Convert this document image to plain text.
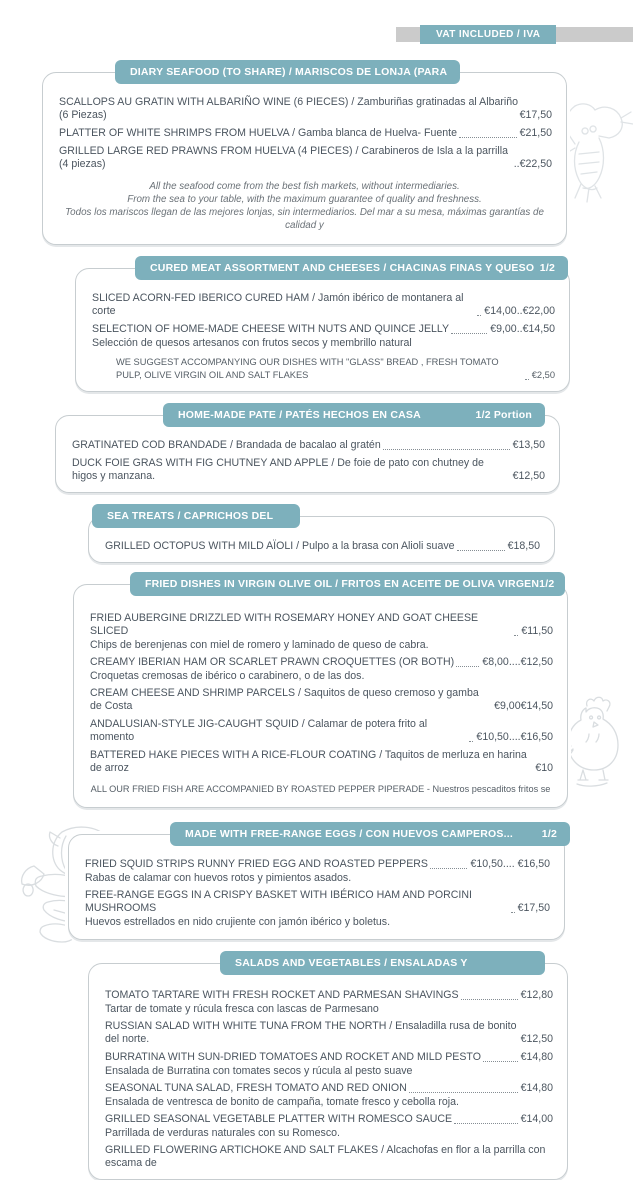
VAT INCLUDED / IVA
DIARY SEAFOOD (TO SHARE) / MARISCOS DE LONJA (PARA
SCALLOPS AU GRATIN WITH ALBARIÑO WINE (6 PIECES) / Zamburiñas gratinadas al Albariño (6 Piezas)	€17,50
PLATTER OF WHITE SHRIMPS FROM HUELVA / Gamba blanca de Huelva- Fuente	€21,50
GRILLED LARGE RED PRAWNS FROM HUELVA (4 PIECES) / Carabineros de Isla a la parrilla (4 piezas)	..€22,50
All the seafood come from the best fish markets, without intermediaries.
From the sea to your table, with the maximum guarantee of quality and freshness.
Todos los mariscos llegan de las mejores lonjas, sin intermediarios. Del mar a su mesa, máximas garantías de calidad y
CURED MEAT ASSORTMENT AND CHEESES / CHACINAS FINAS Y QUESO 1/2
SLICED ACORN-FED IBERICO CURED HAM / Jamón ibérico de montanera al corte	€14,00..€22,00
SELECTION OF HOME-MADE CHEESE WITH NUTS AND QUINCE JELLY	€9,00..€14,50
Selección de quesos artesanos con frutos secos y membrillo natural
WE SUGGEST ACCOMPANYING OUR DISHES WITH "GLASS" BREAD , FRESH TOMATO PULP, OLIVE VIRGIN OIL AND SALT FLAKES	€2,50
HOME-MADE PATE / PATÉS HECHOS EN CASA	1/2 Portion
GRATINATED COD BRANDADE / Brandada de bacalao al gratén	€13,50
DUCK FOIE GRAS WITH FIG CHUTNEY AND APPLE / De foie de pato con chutney de higos y manzana.	€12,50
SEA TREATS / CAPRICHOS DEL
GRILLED OCTOPUS WITH MILD AÏOLI / Pulpo a la brasa con Alioli suave	€18,50
FRIED DISHES IN VIRGIN OLIVE OIL / FRITOS EN ACEITE DE OLIVA VIRGEN 1/2
FRIED AUBERGINE DRIZZLED WITH ROSEMARY HONEY AND GOAT CHEESE SLICED	€11,50
Chips de berenjenas con miel de romero y laminado de queso de cabra.
CREAMY IBERIAN HAM OR SCARLET PRAWN CROQUETTES (OR BOTH)	€8,00....€12,50
Croquetas cremosas de ibérico o carabinero, o de las dos.
CREAM CHEESE AND SHRIMP PARCELS / Saquitos de queso cremoso y gamba de Costa	€9,00€14,50
ANDALUSIAN-STYLE JIG-CAUGHT SQUID / Calamar de potera frito al momento	€10,50....€16,50
BATTERED HAKE PIECES WITH A RICE-FLOUR COATING / Taquitos de merluza en harina de arroz	€10
ALL OUR FRIED FISH ARE ACCOMPANIED BY ROASTED PEPPER PIPERADE - Nuestros pescaditos fritos se
MADE WITH FREE-RANGE EGGS / CON HUEVOS CAMPEROS...	1/2
FRIED SQUID STRIPS RUNNY FRIED EGG AND ROASTED PEPPERS	€10,50.... €16,50
Rabas de calamar con huevos rotos y pimientos asados.
FREE-RANGE EGGS IN A CRISPY BASKET WITH IBÉRICO HAM AND PORCINI MUSHROOMS	€17,50
Huevos estrellados en nido crujiente con jamón ibérico y boletus.
SALADS AND VEGETABLES / ENSALADAS Y
TOMATO TARTARE WITH FRESH ROCKET AND PARMESAN SHAVINGS	€12,80
Tartar de tomate y rúcula fresca con lascas de Parmesano
RUSSIAN SALAD WITH WHITE TUNA FROM THE NORTH / Ensaladilla rusa de bonito del norte.	€12,50
BURRATINA WITH SUN-DRIED TOMATOES AND ROCKET AND MILD PESTO	€14,80
Ensalada de Burratina con tomates secos y rúcula al pesto suave
SEASONAL TUNA SALAD, FRESH TOMATO AND RED ONION	€14,80
Ensalada de ventresca de bonito de campaña, tomate fresco y cebolla roja.
GRILLED SEASONAL VEGETABLE PLATTER WITH ROMESCO SAUCE	€14,00
Parrillada de verduras naturales con su Romesco.
GRILLED FLOWERING ARTICHOKE AND SALT FLAKES / Alcachofas en flor a la parrilla con escama de
